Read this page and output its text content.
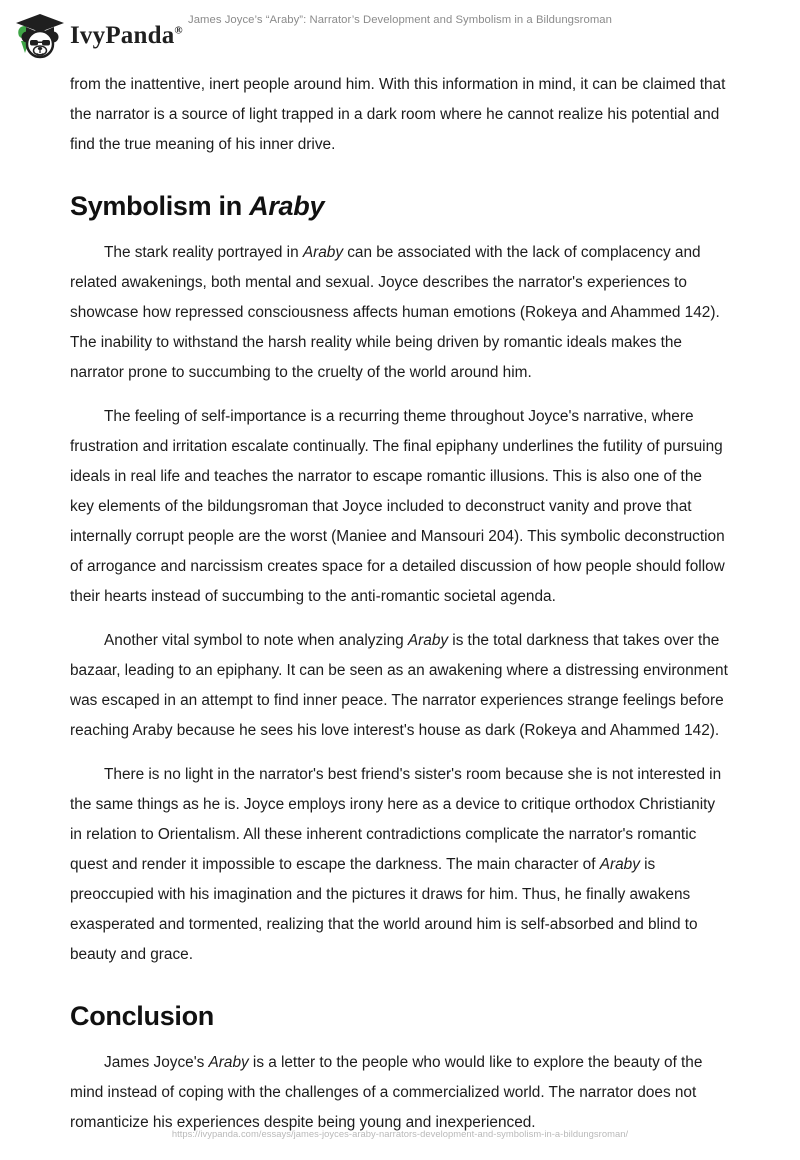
IvyPanda®
James Joyce’s “Araby”: Narrator’s Development and Symbolism in a Bildungsroman

from the inattentive, inert people around him. With this information in mind, it can be claimed that the narrator is a source of light trapped in a dark room where he cannot realize his potential and find the true meaning of his inner drive.

Symbolism in Araby

The stark reality portrayed in Araby can be associated with the lack of complacency and related awakenings, both mental and sexual. Joyce describes the narrator's experiences to showcase how repressed consciousness affects human emotions (Rokeya and Ahammed 142). The inability to withstand the harsh reality while being driven by romantic ideals makes the narrator prone to succumbing to the cruelty of the world around him.

The feeling of self-importance is a recurring theme throughout Joyce's narrative, where frustration and irritation escalate continually. The final epiphany underlines the futility of pursuing ideals in real life and teaches the narrator to escape romantic illusions. This is also one of the key elements of the bildungsroman that Joyce included to deconstruct vanity and prove that internally corrupt people are the worst (Maniee and Mansouri 204). This symbolic deconstruction of arrogance and narcissism creates space for a detailed discussion of how people should follow their hearts instead of succumbing to the anti-romantic societal agenda.

Another vital symbol to note when analyzing Araby is the total darkness that takes over the bazaar, leading to an epiphany. It can be seen as an awakening where a distressing environment was escaped in an attempt to find inner peace. The narrator experiences strange feelings before reaching Araby because he sees his love interest's house as dark (Rokeya and Ahammed 142).

There is no light in the narrator's best friend's sister's room because she is not interested in the same things as he is. Joyce employs irony here as a device to critique orthodox Christianity in relation to Orientalism. All these inherent contradictions complicate the narrator's romantic quest and render it impossible to escape the darkness. The main character of Araby is preoccupied with his imagination and the pictures it draws for him. Thus, he finally awakens exasperated and tormented, realizing that the world around him is self-absorbed and blind to beauty and grace.

Conclusion

James Joyce's Araby is a letter to the people who would like to explore the beauty of the mind instead of coping with the challenges of a commercialized world. The narrator does not romanticize his experiences despite being young and inexperienced.

https://ivypanda.com/essays/james-joyces-araby-narrators-development-and-symbolism-in-a-bildungsroman/
